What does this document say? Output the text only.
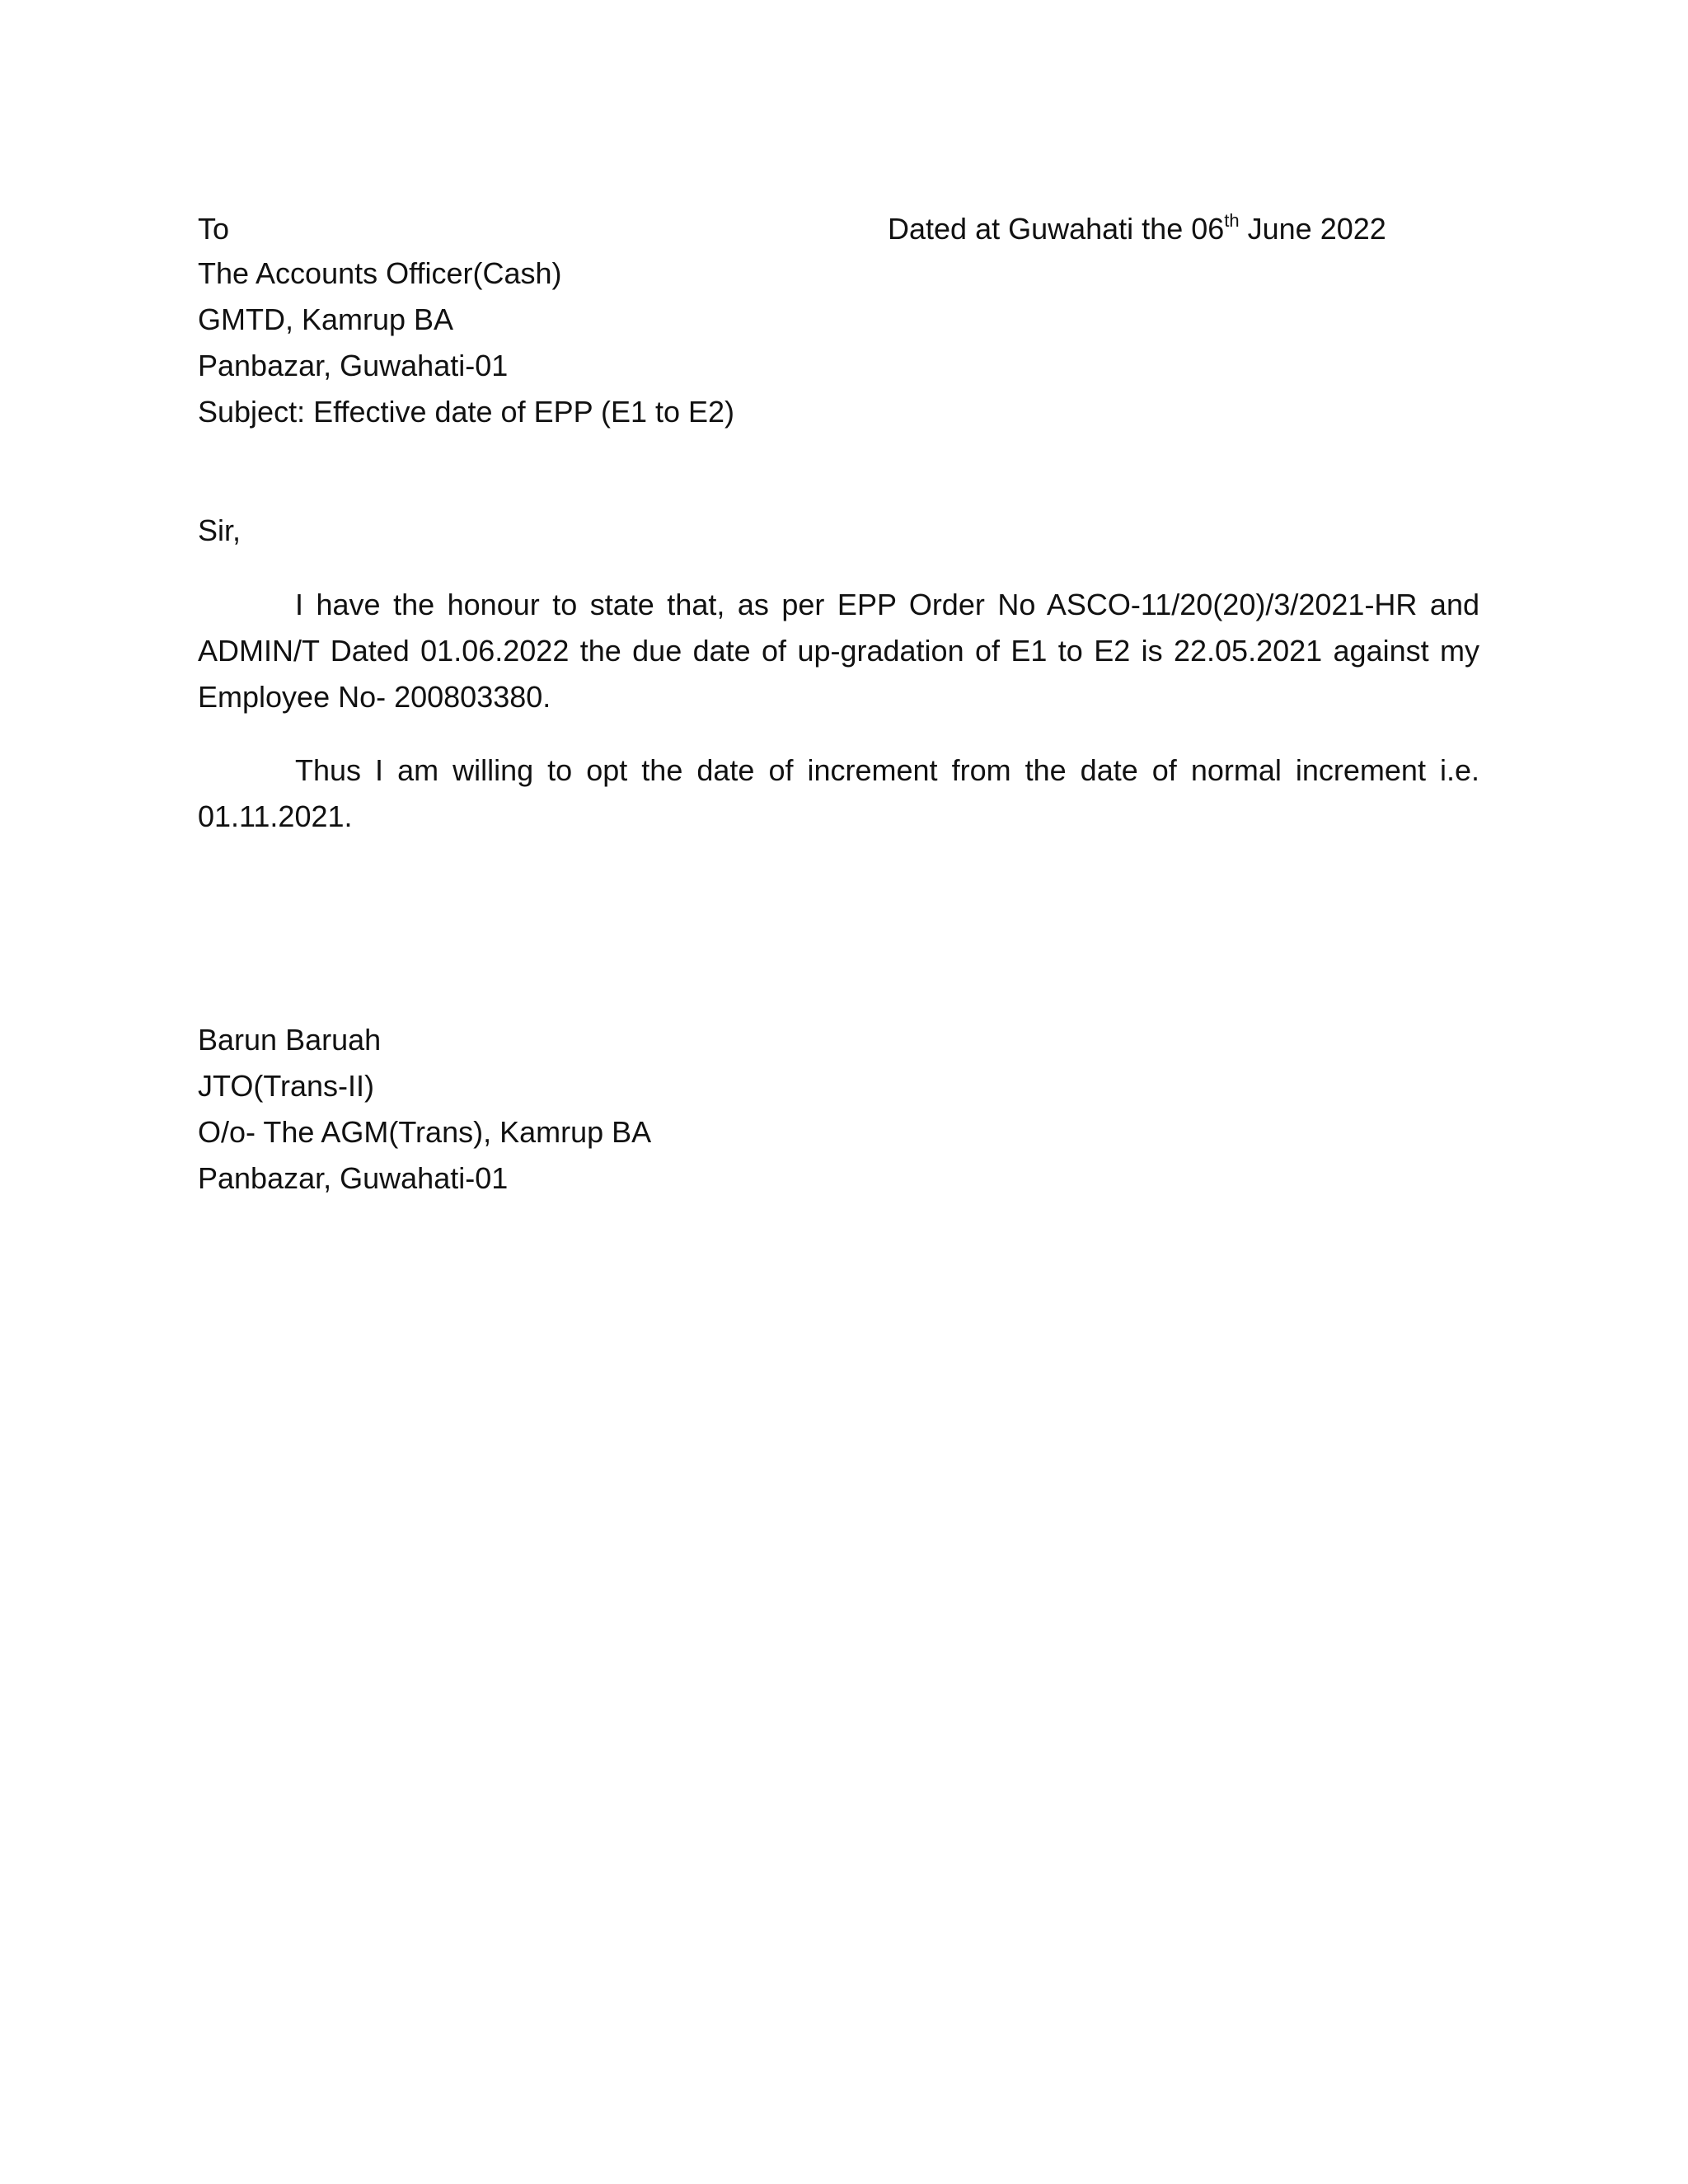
To	Dated at Guwahati the 06th June 2022
The Accounts Officer(Cash)
GMTD, Kamrup BA
Panbazar, Guwahati-01
Subject: Effective date of EPP (E1 to E2)
Sir,

I have the honour to state that, as per EPP Order No ASCO-11/20(20)/3/2021-HR and ADMIN/T Dated 01.06.2022 the due date of up-gradation of E1 to E2 is 22.05.2021 against my Employee No- 200803380.

Thus I am willing to opt the date of increment from the date of normal increment i.e. 01.11.2021.

Barun Baruah
JTO(Trans-II)
O/o- The AGM(Trans), Kamrup BA
Panbazar, Guwahati-01
